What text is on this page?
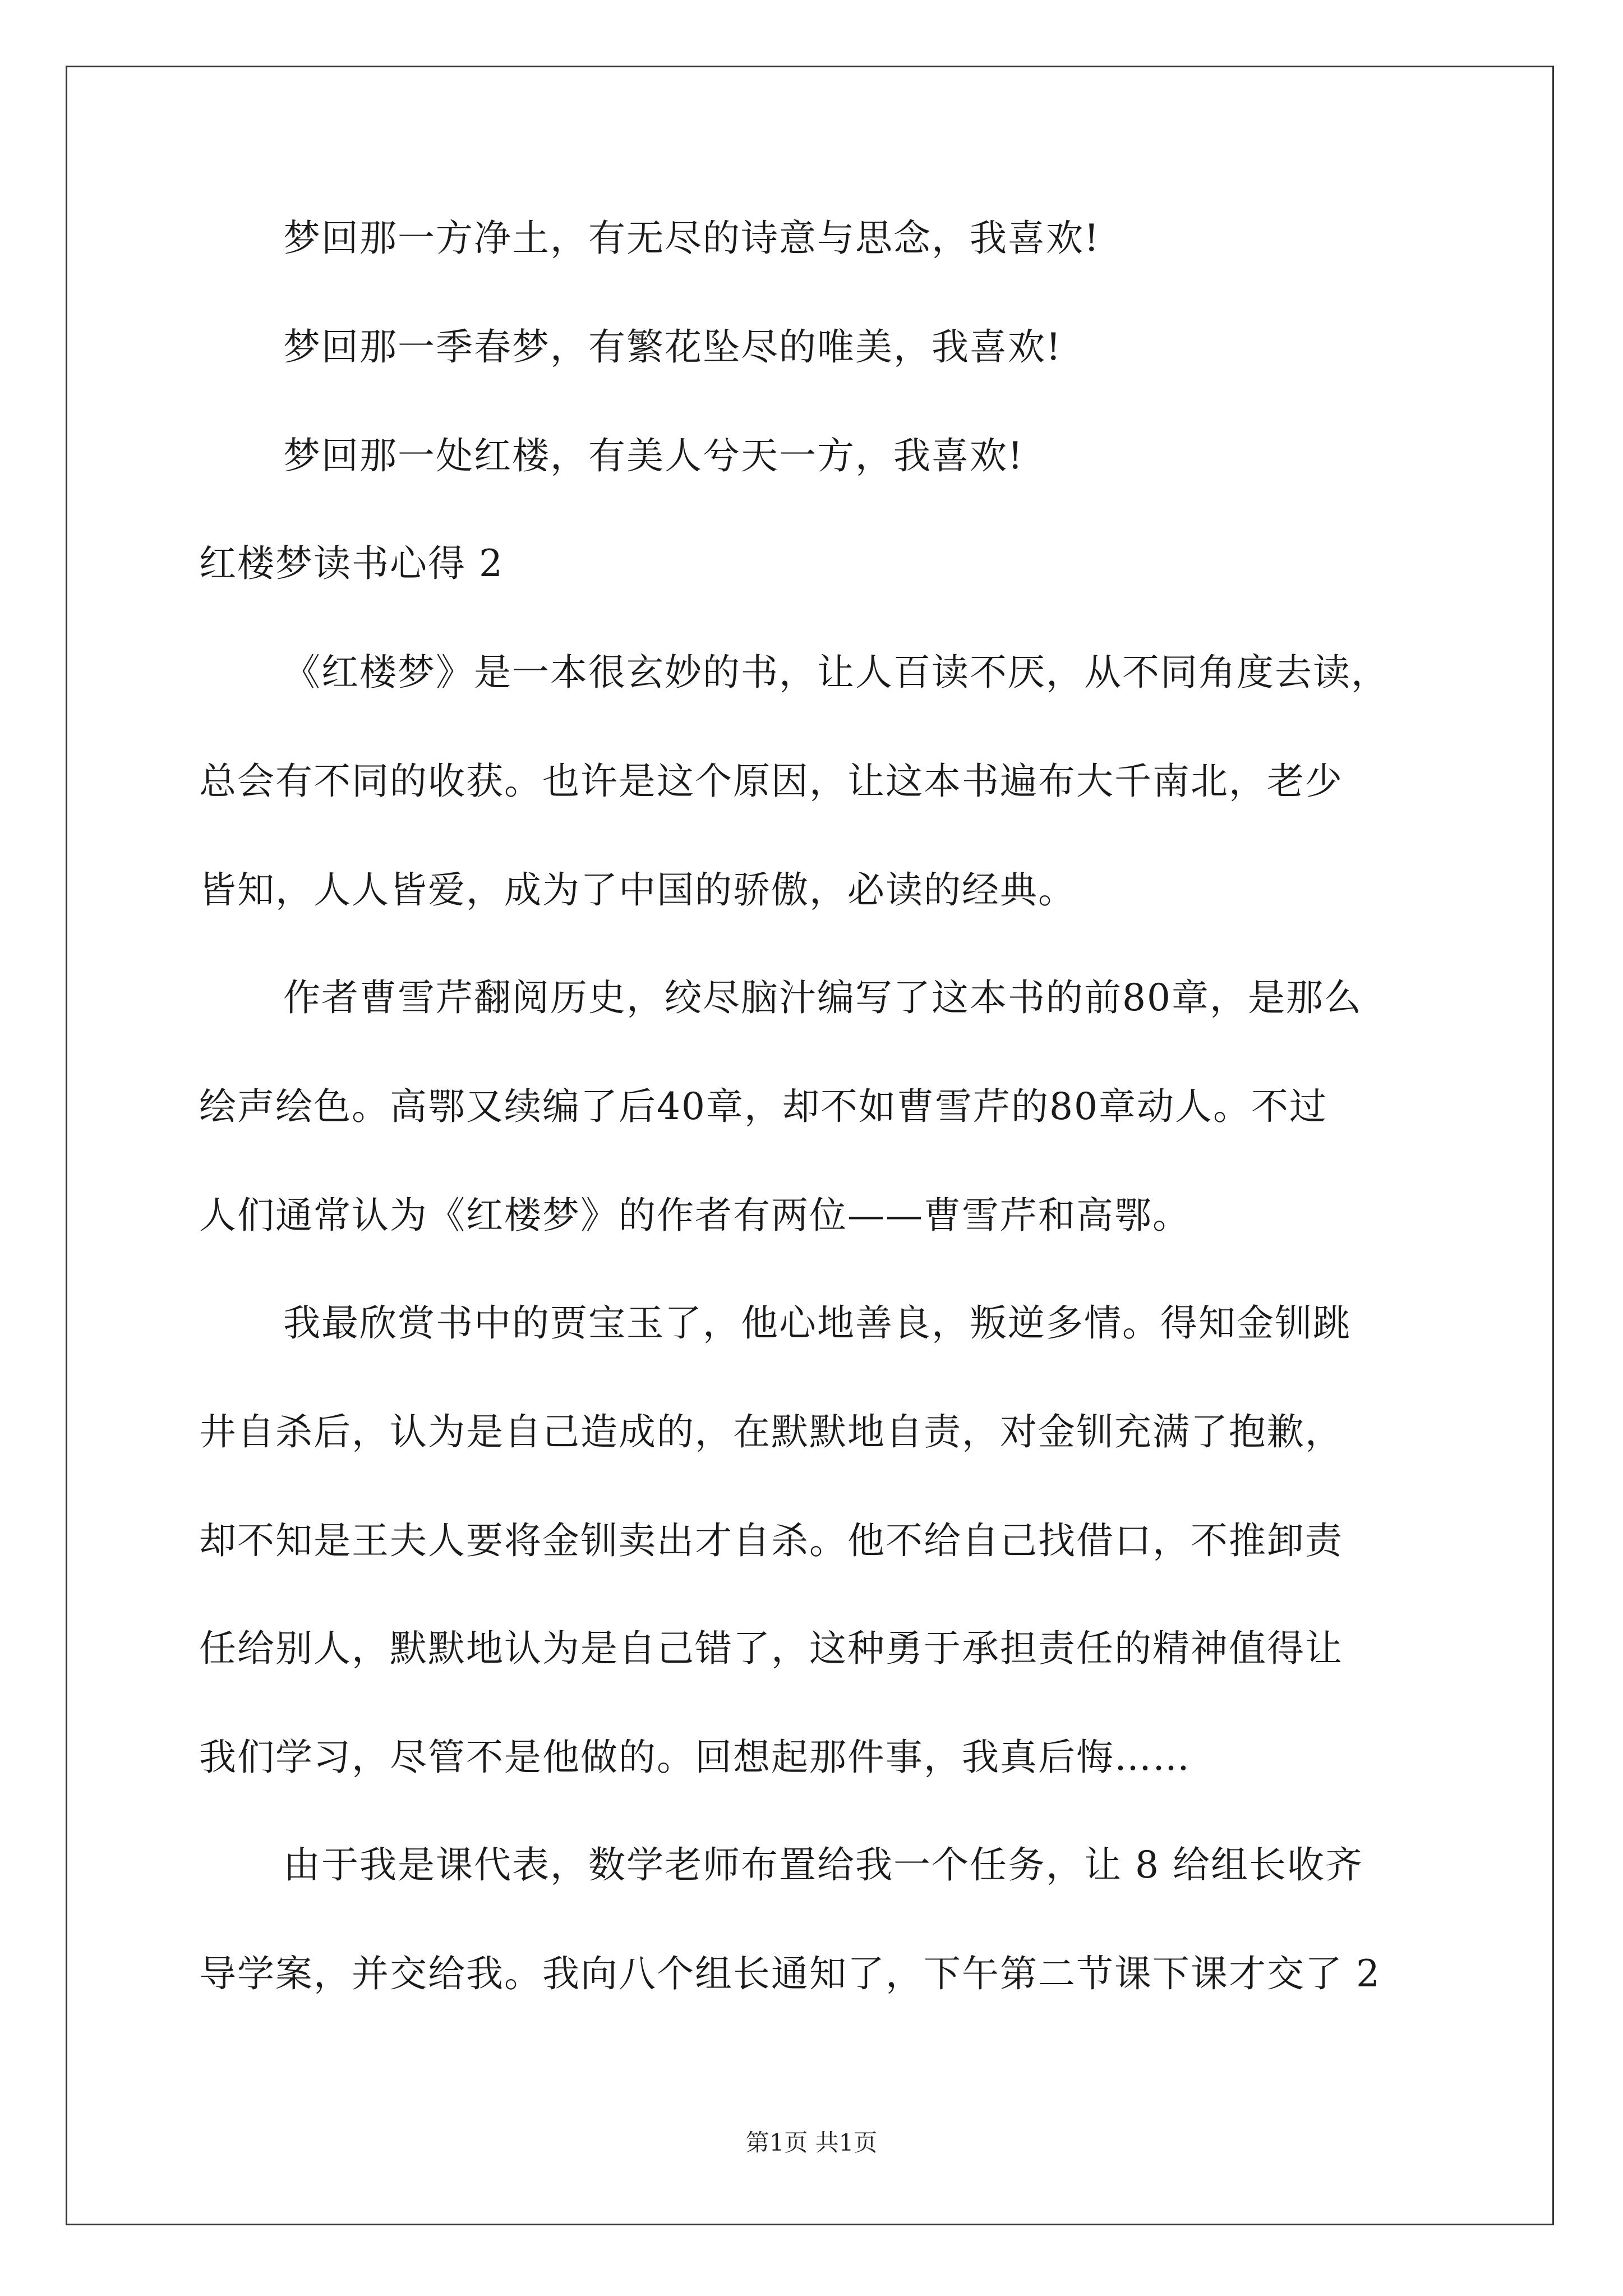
梦回那一方净土，有无尽的诗意与思念，我喜欢!
梦回那一季春梦，有繁花坠尽的唯美，我喜欢!
梦回那一处红楼，有美人兮天一方，我喜欢!
红楼梦读书心得 2
《红楼梦》是一本很玄妙的书，让人百读不厌，从不同角度去读，
总会有不同的收获。也许是这个原因，让这本书遍布大千南北，老少
皆知，人人皆爱，成为了中国的骄傲，必读的经典。
作者曹雪芹翻阅历史，绞尽脑汁编写了这本书的前80章，是那么
绘声绘色。高鄂又续编了后40章，却不如曹雪芹的80章动人。不过
人们通常认为《红楼梦》的作者有两位——曹雪芹和高鄂。
我最欣赏书中的贾宝玉了，他心地善良，叛逆多情。得知金钏跳
井自杀后，认为是自己造成的，在默默地自责，对金钏充满了抱歉，
却不知是王夫人要将金钏卖出才自杀。他不给自己找借口，不推卸责
任给别人，默默地认为是自己错了，这种勇于承担责任的精神值得让
我们学习，尽管不是他做的。回想起那件事，我真后悔……
由于我是课代表，数学老师布置给我一个任务，让 8 给组长收齐
导学案，并交给我。我向八个组长通知了，下午第二节课下课才交了 2
第1页 共1页
